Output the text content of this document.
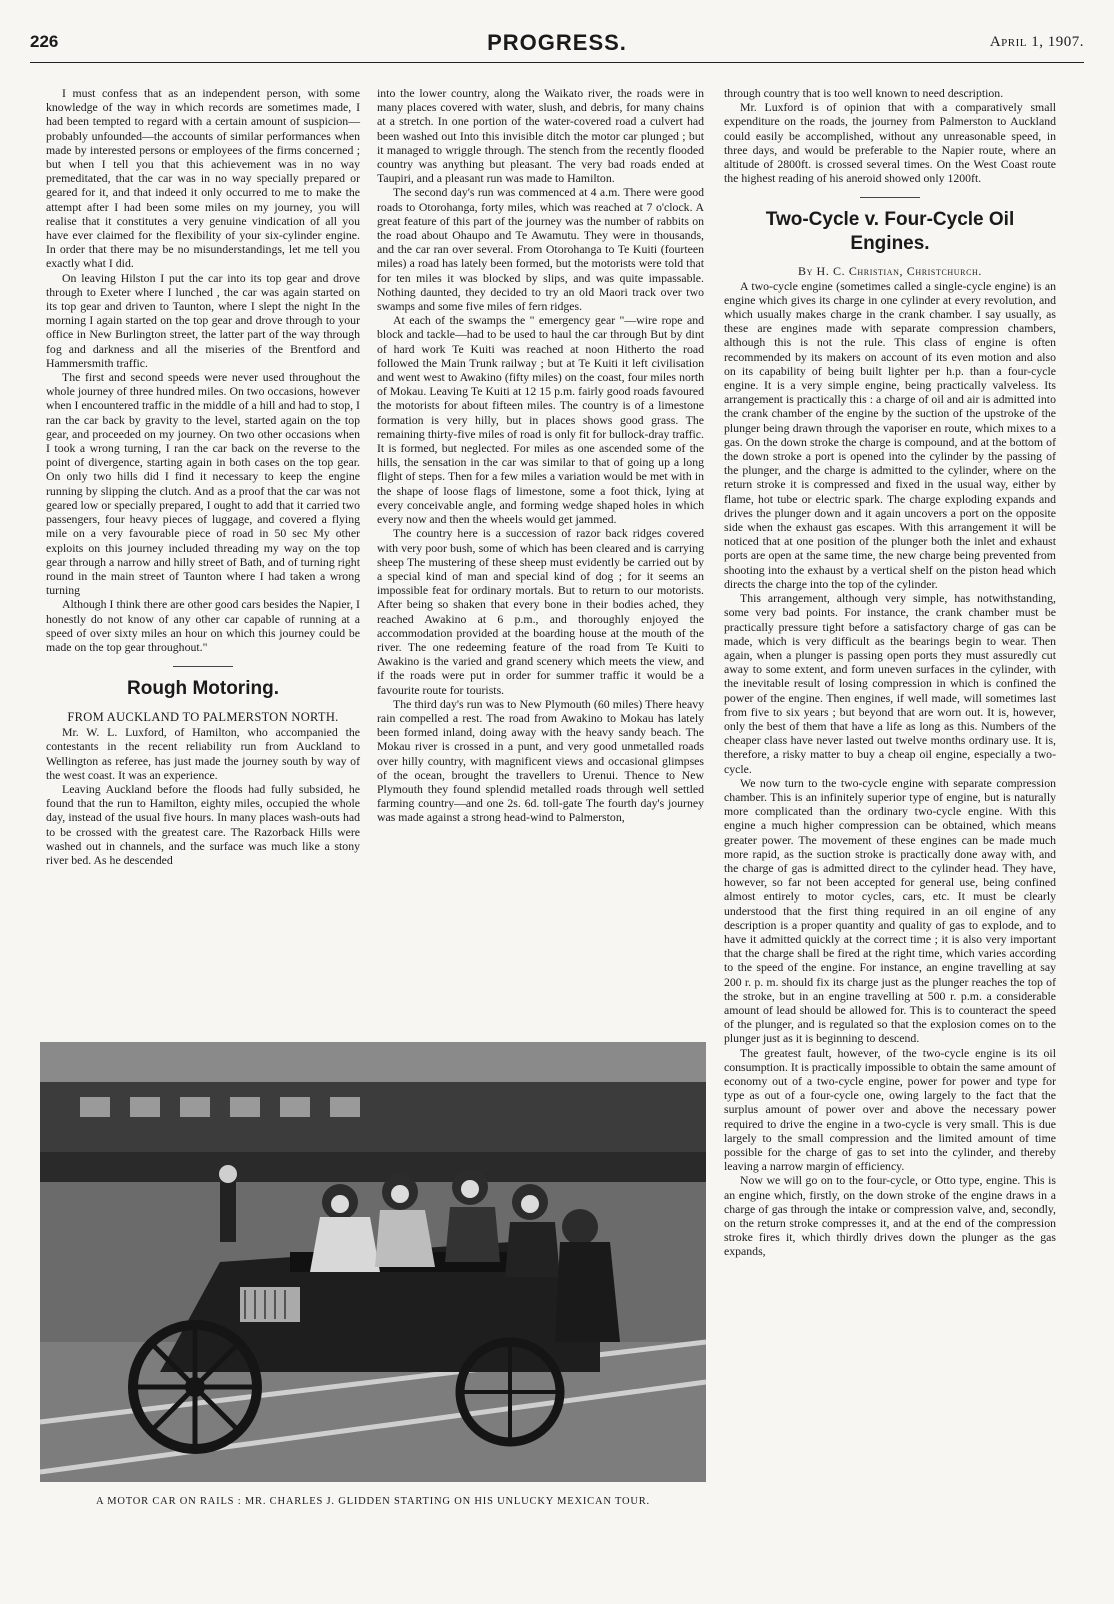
226	PROGRESS.	April 1, 1907.

I must confess that as an independent person, with some knowledge of the way in which records are sometimes made, I had been tempted to regard with a certain amount of suspicion—probably unfounded—the accounts of similar performances when made by interested persons or employees of the firms concerned ; but when I tell you that this achievement was in no way premeditated, that the car was in no way specially prepared or geared for it, and that indeed it only occurred to me to make the attempt after I had been some miles on my journey, you will realise that it constitutes a very genuine vindication of all you have ever claimed for the flexibility of your six-cylinder engine. In order that there may be no misunderstandings, let me tell you exactly what I did.

On leaving Hilston I put the car into its top gear and drove through to Exeter where I lunched , the car was again started on its top gear and driven to Taunton, where I slept the night In the morning I again started on the top gear and drove through to your office in New Burlington street, the latter part of the way through fog and darkness and all the miseries of the Brentford and Hammersmith traffic.

The first and second speeds were never used throughout the whole journey of three hundred miles. On two occasions, however when I encountered traffic in the middle of a hill and had to stop, I ran the car back by gravity to the level, started again on the top gear, and proceeded on my journey. On two other occasions when I took a wrong turning, I ran the car back on the reverse to the point of divergence, starting again in both cases on the top gear. On only two hills did I find it necessary to keep the engine running by slipping the clutch. And as a proof that the car was not geared low or specially prepared, I ought to add that it carried two passengers, four heavy pieces of luggage, and covered a flying mile on a very favourable piece of road in 50 sec My other exploits on this journey included threading my way on the top gear through a narrow and hilly street of Bath, and of turning right round in the main street of Taunton where I had taken a wrong turning

Although I think there are other good cars besides the Napier, I honestly do not know of any other car capable of running at a speed of over sixty miles an hour on which this journey could be made on the top gear throughout."

Rough Motoring.

FROM AUCKLAND TO PALMERSTON NORTH.

Mr. W. L. Luxford, of Hamilton, who accompanied the contestants in the recent reliability run from Auckland to Wellington as referee, has just made the journey south by way of the west coast. It was an experience.

Leaving Auckland before the floods had fully subsided, he found that the run to Hamilton, eighty miles, occupied the whole day, instead of the usual five hours. In many places wash-outs had to be crossed with the greatest care. The Razorback Hills were washed out in channels, and the surface was much like a stony river bed. As he descended

into the lower country, along the Waikato river, the roads were in many places covered with water, slush, and debris, for many chains at a stretch. In one portion of the water-covered road a culvert had been washed out Into this invisible ditch the motor car plunged ; but it managed to wriggle through. The stench from the recently flooded country was anything but pleasant. The very bad roads ended at Taupiri, and a pleasant run was made to Hamilton.

The second day's run was commenced at 4 a.m. There were good roads to Otorohanga, forty miles, which was reached at 7 o'clock. A great feature of this part of the journey was the number of rabbits on the road about Ohaupo and Te Awamutu. They were in thousands, and the car ran over several. From Otorohanga to Te Kuiti (fourteen miles) a road has lately been formed, but the motorists were told that for ten miles it was blocked by slips, and was quite impassable. Nothing daunted, they decided to try an old Maori track over two swamps and some five miles of fern ridges.

At each of the swamps the " emergency gear "—wire rope and block and tackle—had to be used to haul the car through But by dint of hard work Te Kuiti was reached at noon Hitherto the road followed the Main Trunk railway ; but at Te Kuiti it left civilisation and went west to Awakino (fifty miles) on the coast, four miles north of Mokau. Leaving Te Kuiti at 12 15 p.m. fairly good roads favoured the motorists for about fifteen miles. The country is of a limestone formation is very hilly, but in places shows good grass. The remaining thirty-five miles of road is only fit for bullock-dray traffic. It is formed, but neglected. For miles as one ascended some of the hills, the sensation in the car was similar to that of going up a long flight of steps. Then for a few miles a variation would be met with in the shape of loose flags of limestone, some a foot thick, lying at every conceivable angle, and forming wedge shaped holes in which every now and then the wheels would get jammed.

The country here is a succession of razor back ridges covered with very poor bush, some of which has been cleared and is carrying sheep The mustering of these sheep must evidently be carried out by a special kind of man and special kind of dog ; for it seems an impossible feat for ordinary mortals. But to return to our motorists. After being so shaken that every bone in their bodies ached, they reached Awakino at 6 p.m., and thoroughly enjoyed the accommodation provided at the boarding house at the mouth of the river. The one redeeming feature of the road from Te Kuiti to Awakino is the varied and grand scenery which meets the view, and if the roads were put in order for summer traffic it would be a favourite route for tourists.

The third day's run was to New Plymouth (60 miles) There heavy rain compelled a rest. The road from Awakino to Mokau has lately been formed inland, doing away with the heavy sandy beach. The Mokau river is crossed in a punt, and very good unmetalled roads over hilly country, with magnificent views and occasional glimpses of the ocean, brought the travellers to Urenui. Thence to New Plymouth they found splendid metalled roads through well settled farming country—and one 2s. 6d. toll-gate The fourth day's journey was made against a strong head-wind to Palmerston,

through country that is too well known to need description.

Mr. Luxford is of opinion that with a comparatively small expenditure on the roads, the journey from Palmerston to Auckland could easily be accomplished, without any unreasonable speed, in three days, and would be preferable to the Napier route, where an altitude of 2800ft. is crossed several times. On the West Coast route the highest reading of his aneroid showed only 1200ft.

Two-Cycle v. Four-Cycle Oil Engines.

By H. C. Christian, Christchurch.

A two-cycle engine (sometimes called a single-cycle engine) is an engine which gives its charge in one cylinder at every revolution, and which usually makes charge in the crank chamber. I say usually, as these are engines made with separate compression chambers, although this is not the rule. This class of engine is often recommended by its makers on account of its even motion and also on its capability of being built lighter per h.p. than a four-cycle engine. It is a very simple engine, being practically valveless. Its arrangement is practically this : a charge of oil and air is admitted into the crank chamber of the engine by the suction of the upstroke of the plunger being drawn through the vaporiser en route, which mixes to a gas. On the down stroke the charge is compound, and at the bottom of the down stroke a port is opened into the cylinder by the passing of the plunger, and the charge is admitted to the cylinder, where on the return stroke it is compressed and fixed in the usual way, either by flame, hot tube or electric spark. The charge exploding expands and drives the plunger down and it again uncovers a port on the opposite side when the exhaust gas escapes. With this arrangement it will be noticed that at one position of the plunger both the inlet and exhaust ports are open at the same time, the new charge being prevented from shooting into the exhaust by a vertical shelf on the piston head which directs the charge into the top of the cylinder.

This arrangement, although very simple, has notwithstanding, some very bad points. For instance, the crank chamber must be practically pressure tight before a satisfactory charge of gas can be made, which is very difficult as the bearings begin to wear. Then again, when a plunger is passing open ports they must assuredly cut away to some extent, and form uneven surfaces in the cylinder, with the inevitable result of losing compression in which is confined the power of the engine. Then engines, if well made, will sometimes last from five to six years ; but beyond that are worn out. It is, however, only the best of them that have a life as long as this. Numbers of the cheaper class have never lasted out twelve months ordinary use. It is, therefore, a risky matter to buy a cheap oil engine, especially a two-cycle.

We now turn to the two-cycle engine with separate compression chamber. This is an infinitely superior type of engine, but is naturally more complicated than the ordinary two-cycle engine. With this engine a much higher compression can be obtained, which means greater power. The movement of these engines can be made much more rapid, as the suction stroke is practically done away with, and the charge of gas is admitted direct to the cylinder head. They have, however, so far not been accepted for general use, being confined almost entirely to motor cycles, cars, etc. It must be clearly understood that the first thing required in an oil engine of any description is a proper quantity and quality of gas to explode, and to have it admitted quickly at the correct time ; it is also very important that the charge shall be fired at the right time, which varies according to the speed of the engine. For instance, an engine travelling at say 200 r. p. m. should fix its charge just as the plunger reaches the top of the stroke, but in an engine travelling at 500 r. p.m. a considerable amount of lead should be allowed for. This is to counteract the speed of the plunger, and is regulated so that the explosion comes on to the plunger just as it is beginning to descend.

The greatest fault, however, of the two-cycle engine is its oil consumption. It is practically impossible to obtain the same amount of economy out of a two-cycle engine, power for power and type for type as out of a four-cycle one, owing largely to the fact that the surplus amount of power over and above the necessary power required to drive the engine in a two-cycle is very small. This is due largely to the small compression and the limited amount of time possible for the charge of gas to set into the cylinder, and thereby leaving a narrow margin of efficiency.

Now we will go on to the four-cycle, or Otto type, engine. This is an engine which, firstly, on the down stroke of the engine draws in a charge of gas through the intake or compression valve, and, secondly, on the return stroke compresses it, and at the end of the compression stroke fires it, which thirdly drives down the plunger as the gas expands,

A MOTOR CAR ON RAILS : MR. CHARLES J. GLIDDEN STARTING ON HIS UNLUCKY MEXICAN TOUR.
